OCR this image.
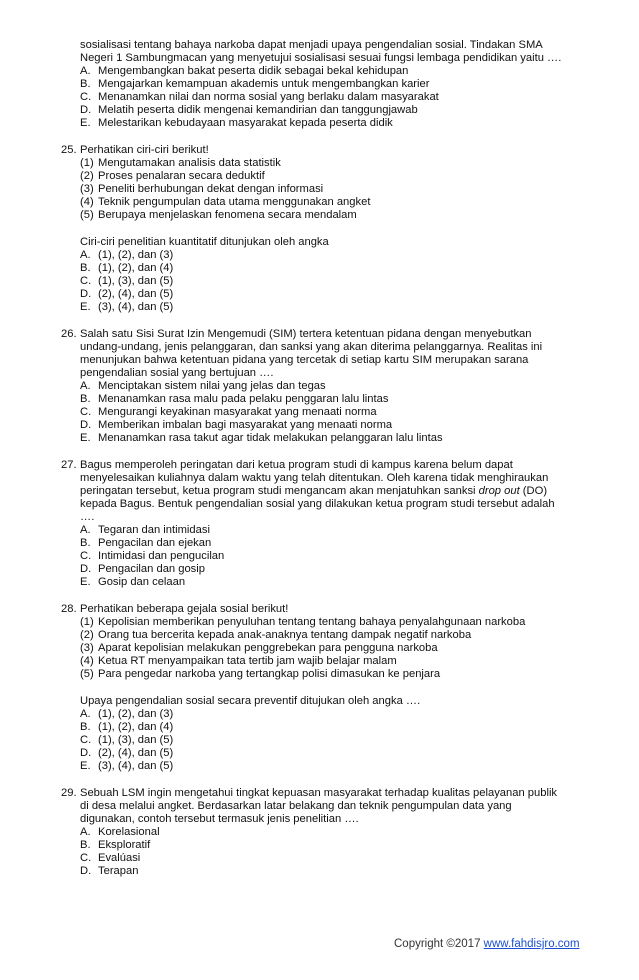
sosialisasi tentang bahaya narkoba dapat menjadi upaya pengendalian sosial. Tindakan SMA
Negeri 1 Sambungmacan yang menyetujui sosialisasi sesuai fungsi lembaga pendidikan yaitu ….
A. Mengembangkan bakat peserta didik sebagai bekal kehidupan
B. Mengajarkan kemampuan akademis untuk mengembangkan karier
C. Menanamkan nilai dan norma sosial yang berlaku dalam masyarakat
D. Melatih peserta didik mengenai kemandirian dan tanggungjawab
E. Melestarikan kebudayaan masyarakat kepada peserta didik
25. Perhatikan ciri-ciri berikut!
(1) Mengutamakan analisis data statistik
(2) Proses penalaran secara deduktif
(3) Peneliti berhubungan dekat dengan informasi
(4) Teknik pengumpulan data utama menggunakan angket
(5) Berupaya menjelaskan fenomena secara mendalam
Ciri-ciri penelitian kuantitatif ditunjukan oleh angka
A. (1), (2), dan (3)
B. (1), (2), dan (4)
C. (1), (3), dan (5)
D. (2), (4), dan (5)
E. (3), (4), dan (5)
26. Salah satu Sisi Surat Izin Mengemudi (SIM) tertera ketentuan pidana dengan menyebutkan
undang-undang, jenis pelanggaran, dan sanksi yang akan diterima pelanggarnya. Realitas ini
menunjukan bahwa ketentuan pidana yang tercetak di setiap kartu SIM merupakan sarana
pengendalian sosial yang bertujuan ….
A. Menciptakan sistem nilai yang jelas dan tegas
B. Menanamkan rasa malu pada pelaku penggaran lalu lintas
C. Mengurangi keyakinan masyarakat yang menaati norma
D. Memberikan imbalan bagi masyarakat yang menaati norma
E. Menanamkan rasa takut agar tidak melakukan pelanggaran lalu lintas
27. Bagus memperoleh peringatan dari ketua program studi di kampus karena belum dapat
menyelesaikan kuliahnya dalam waktu yang telah ditentukan. Oleh karena tidak menghiraukan
peringatan tersebut, ketua program studi mengancam akan menjatuhkan sanksi drop out (DO)
kepada Bagus. Bentuk pengendalian sosial yang dilakukan ketua program studi tersebut adalah
….
A. Tegaran dan intimidasi
B. Pengacilan dan ejekan
C. Intimidasi dan pengucilan
D. Pengacilan dan gosip
E. Gosip dan celaan
28. Perhatikan beberapa gejala sosial berikut!
(1) Kepolisian memberikan penyuluhan tentang tentang bahaya penyalahgunaan narkoba
(2) Orang tua bercerita kepada anak-anaknya tentang dampak negatif narkoba
(3) Aparat kepolisian melakukan penggrebekan para pengguna narkoba
(4) Ketua RT menyampaikan tata tertib jam wajib belajar malam
(5) Para pengedar narkoba yang tertangkap polisi dimasukan ke penjara
Upaya pengendalian sosial secara preventif ditujukan oleh angka ….
A. (1), (2), dan (3)
B. (1), (2), dan (4)
C. (1), (3), dan (5)
D. (2), (4), dan (5)
E. (3), (4), dan (5)
29. Sebuah LSM ingin mengetahui tingkat kepuasan masyarakat terhadap kualitas pelayanan publik
di desa melalui angket. Berdasarkan latar belakang dan teknik pengumpulan data yang
digunakan, contoh tersebut termasuk jenis penelitian ….
A. Korelasional
B. Eksploratif
C. Evalúasi
D. Terapan
Copyright ©2017 www.fahdisjro.com
